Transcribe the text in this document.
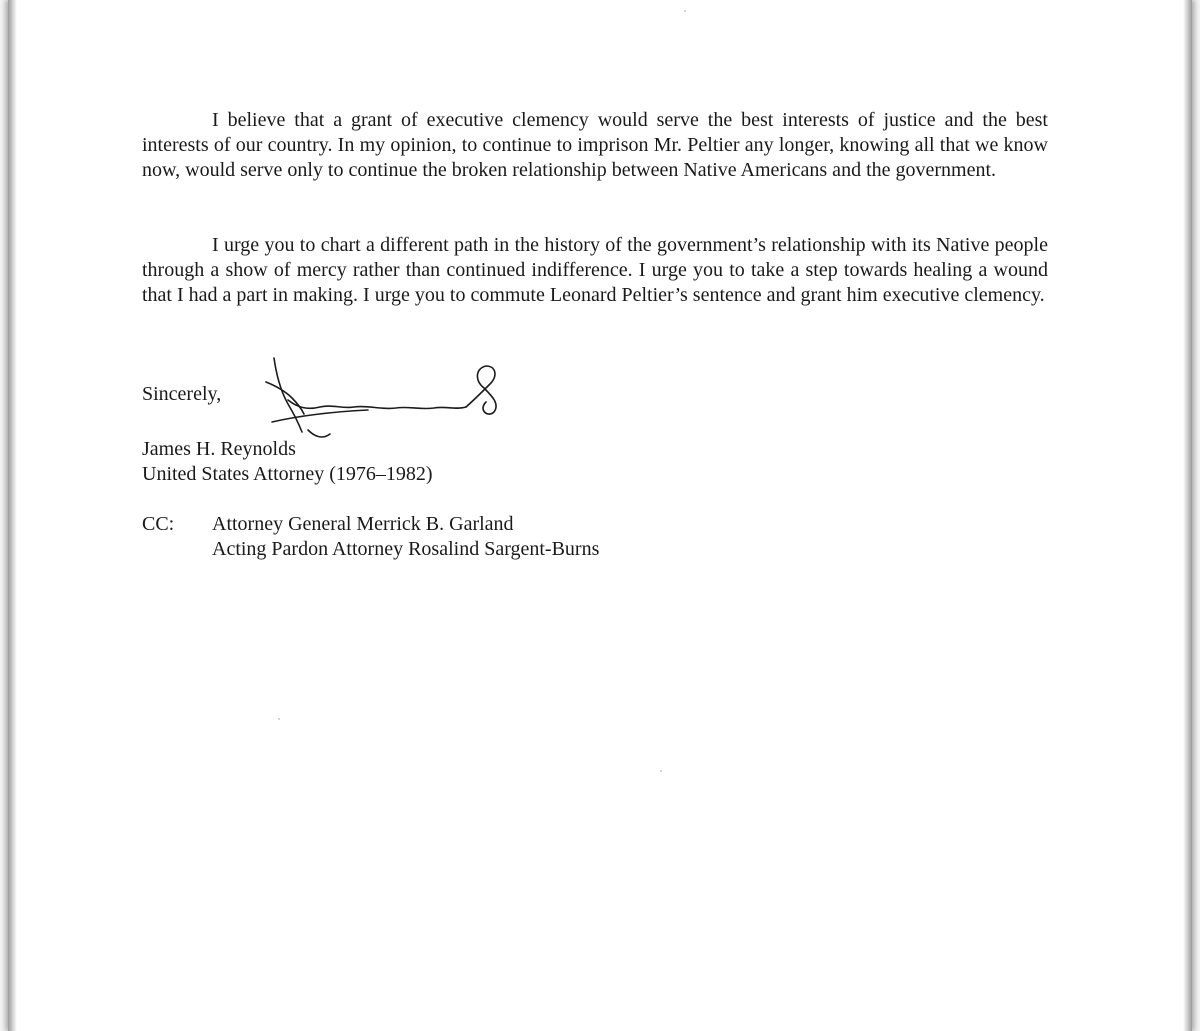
I believe that a grant of executive clemency would serve the best interests of justice and the best interests of our country. In my opinion, to continue to imprison Mr. Peltier any longer, knowing all that we know now, would serve only to continue the broken relationship between Native Americans and the government.

I urge you to chart a different path in the history of the government’s relationship with its Native people through a show of mercy rather than continued indifference. I urge you to take a step towards healing a wound that I had a part in making. I urge you to commute Leonard Peltier’s sentence and grant him executive clemency.

Sincerely,
James H. Reynolds
United States Attorney (1976–1982)
CC: Attorney General Merrick B. Garland
Acting Pardon Attorney Rosalind Sargent-Burns
